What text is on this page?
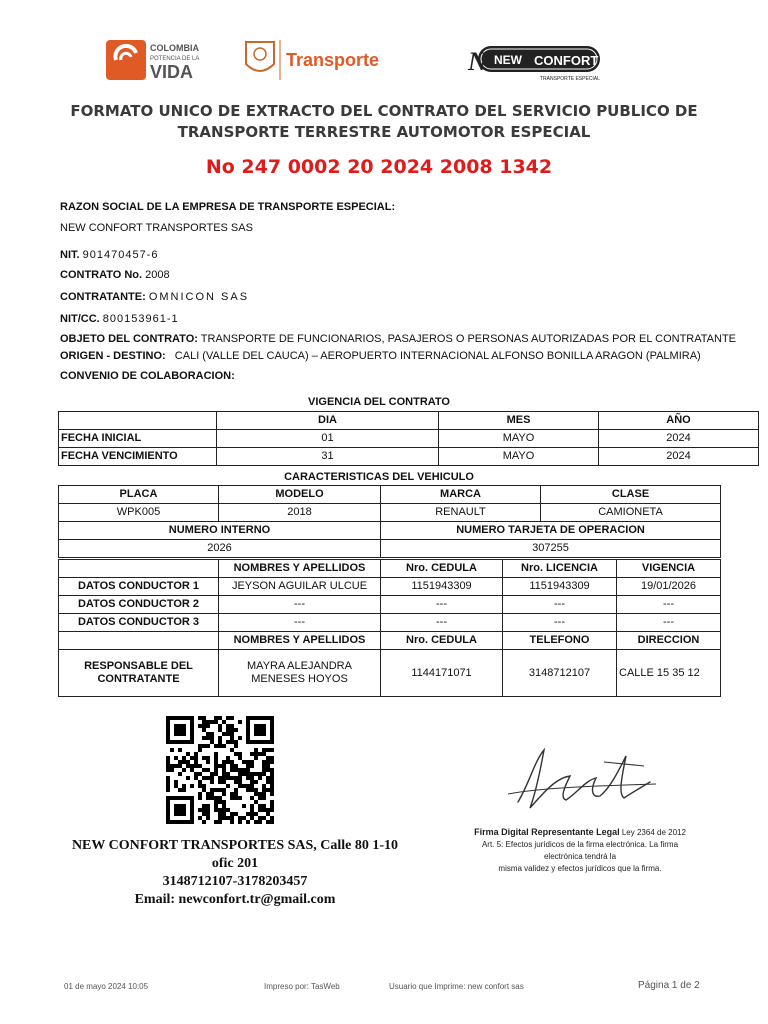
COLOMBIA
POTENCIA DE LA
VIDA
Transporte	N NEW CONFORT
TRANSPORTE ESPECIAL
FORMATO UNICO DE EXTRACTO DEL CONTRATO DEL SERVICIO PUBLICO DE
TRANSPORTE TERRESTRE AUTOMOTOR ESPECIAL
No 247 0002 20 2024 2008 1342
RAZON SOCIAL DE LA EMPRESA DE TRANSPORTE ESPECIAL:
NEW CONFORT TRANSPORTES SAS
NIT. 901470457-6
CONTRATO No. 2008
CONTRATANTE: OMNICON SAS
NIT/CC. 800153961-1
OBJETO DEL CONTRATO: TRANSPORTE DE FUNCIONARIOS, PASAJEROS O PERSONAS AUTORIZADAS POR EL CONTRATANTE
ORIGEN - DESTINO: CALI (VALLE DEL CAUCA) – AEROPUERTO INTERNACIONAL ALFONSO BONILLA ARAGON (PALMIRA)
CONVENIO DE COLABORACION:
VIGENCIA DEL CONTRATO
	DIA	MES	AÑO
FECHA INICIAL	01	MAYO	2024
FECHA VENCIMIENTO	31	MAYO	2024
CARACTERISTICAS DEL VEHICULO
PLACA	MODELO	MARCA	CLASE
WPK005	2018	RENAULT	CAMIONETA
NUMERO INTERNO		NUMERO TARJETA DE OPERACION	
2026		307255	
	NOMBRES Y APELLIDOS	Nro. CEDULA	Nro. LICENCIA	VIGENCIA
DATOS CONDUCTOR 1	JEYSON AGUILAR ULCUE	1151943309	1151943309	19/01/2026
DATOS CONDUCTOR 2	---	---	---	---
DATOS CONDUCTOR 3	---	---	---	---
	NOMBRES Y APELLIDOS	Nro. CEDULA	TELEFONO	DIRECCION
RESPONSABLE DEL CONTRATANTE	MAYRA ALEJANDRA MENESES HOYOS	1144171071	3148712107	CALLE 15 35 12
NEW CONFORT TRANSPORTES SAS, Calle 80 1-10
ofic 201
3148712107-3178203457
Email: newconfort.tr@gmail.com
Firma Digital Representante Legal Ley 2364 de 2012
Art. 5: Efectos jurídicos de la firma electrónica. La firma
electrónica tendrá la
misma validez y efectos jurídicos que la firma.
01 de mayo 2024 10:05	Impreso por: TasWeb	Usuario que Imprime: new confort sas	Página 1 de 2
